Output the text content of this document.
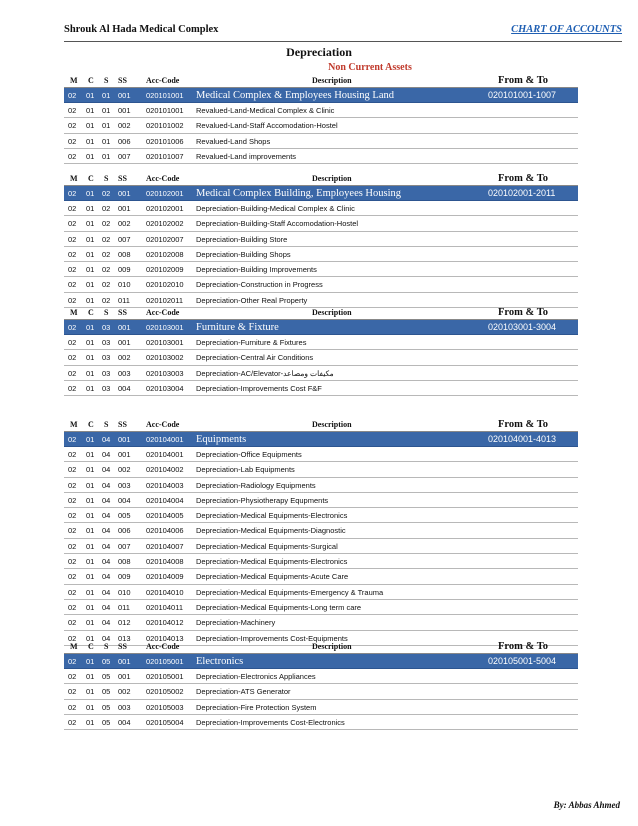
Shrouk Al Hada Medical Complex	CHART OF ACCOUNTS
Depreciation
Non Current Assets
M C S SS Acc-Code	Description	From & To
02 01 01 001 020101001 Medical Complex & Employees Housing Land	020101001-1007
02 01 01 001 020101001 Revalued-Land-Medical Complex & Clinic
02 01 01 002 020101002 Revalued-Land-Staff Accomodation-Hostel
02 01 01 006 020101006 Revalued-Land Shops
02 01 01 007 020101007 Revalued-Land improvements
M C S SS Acc-Code	Description	From & To
02 01 02 001 020102001 Medical Complex Building, Employees Housing	020102001-2011
02 01 02 001 020102001 Depreciation-Building-Medical Complex & Clinic
02 01 02 002 020102002 Depreciation-Building-Staff Accomodation-Hostel
02 01 02 007 020102007 Depreciation-Building Store
02 01 02 008 020102008 Depreciation-Building Shops
02 01 02 009 020102009 Depreciation-Building Improvements
02 01 02 010 020102010 Depreciation-Construction in Progress
02 01 02 011 020102011 Depreciation-Other Real Property
M C S SS Acc-Code	Description	From & To
02 01 03 001 020103001 Furniture & Fixture	020103001-3004
02 01 03 001 020103001 Depreciation-Furniture & Fixtures
02 01 03 002 020103002 Depreciation-Central Air Conditions
02 01 03 003 020103003 Depreciation-AC/Elevator-مكيفات ومصاعد
02 01 03 004 020103004 Depreciation-Improvements Cost F&F
M C S SS Acc-Code	Description	From & To
02 01 04 001 020104001 Equipments	020104001-4013
02 01 04 001 020104001 Depreciation-Office Equipments
02 01 04 002 020104002 Depreciation-Lab Equipments
02 01 04 003 020104003 Depreciation-Radiology Equipments
02 01 04 004 020104004 Depreciation-Physiotherapy Equpments
02 01 04 005 020104005 Depreciation-Medical Equipments-Electronics
02 01 04 006 020104006 Depreciation-Medical Equipments-Diagnostic
02 01 04 007 020104007 Depreciation-Medical Equipments-Surgical
02 01 04 008 020104008 Depreciation-Medical Equipments-Electronics
02 01 04 009 020104009 Depreciation-Medical Equipments-Acute Care
02 01 04 010 020104010 Depreciation-Medical Equipments-Emergency & Trauma
02 01 04 011 020104011 Depreciation-Medical Equipments-Long term care
02 01 04 012 020104012 Depreciation-Machinery
02 01 04 013 020104013 Depreciation-Improvements Cost-Equipments
M C S SS Acc-Code	Description	From & To
02 01 05 001 020105001 Electronics	020105001-5004
02 01 05 001 020105001 Depreciation-Electronics Appliances
02 01 05 002 020105002 Depreciation-ATS Generator
02 01 05 003 020105003 Depreciation-Fire Protection System
02 01 05 004 020105004 Depreciation-Improvements Cost-Electronics
By: Abbas Ahmed
